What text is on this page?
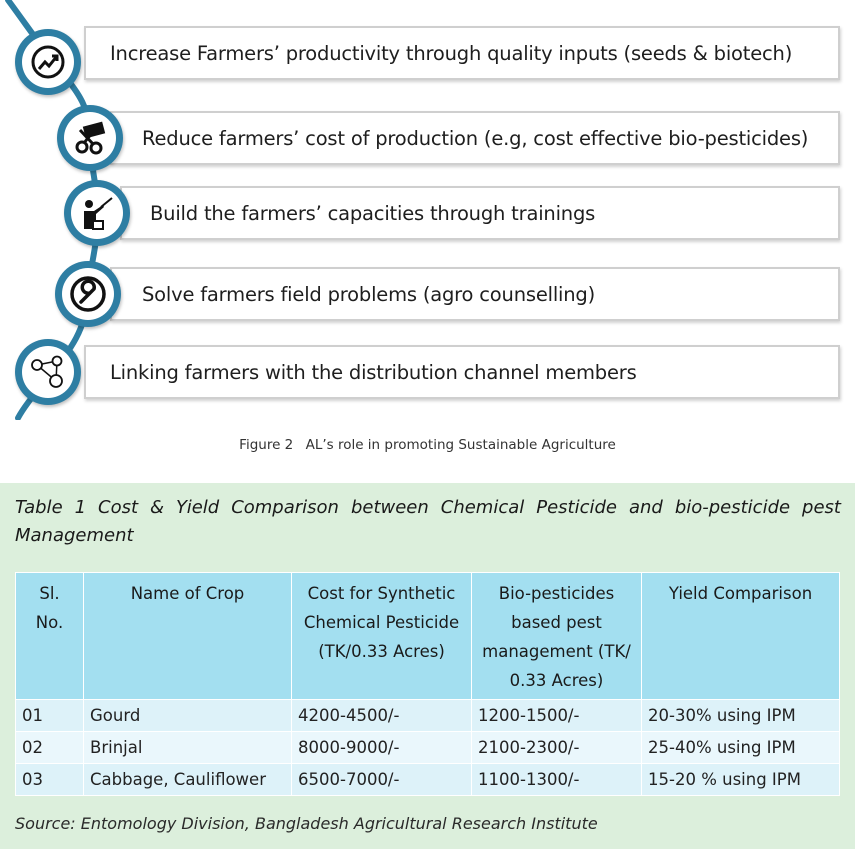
Increase Farmers’ productivity through quality inputs (seeds & biotech)
Reduce farmers’ cost of production (e.g, cost effective bio-pesticides)
Build the farmers’ capacities through trainings
Solve farmers field problems (agro counselling)
Linking farmers with the distribution channel members
Figure 2 AL’s role in promoting Sustainable Agriculture
Table 1 Cost & Yield Comparison between Chemical Pesticide and bio-pesticide pest Management
Sl. No.	Name of Crop	Cost for Synthetic Chemical Pesticide (TK/0.33 Acres)	Bio-pesticides based pest management (TK/ 0.33 Acres)	Yield Comparison
01	Gourd	4200-4500/-	1200-1500/-	20-30% using IPM
02	Brinjal	8000-9000/-	2100-2300/-	25-40% using IPM
03	Cabbage, Cauliflower	6500-7000/-	1100-1300/-	15-20 % using IPM
Source: Entomology Division, Bangladesh Agricultural Research Institute
